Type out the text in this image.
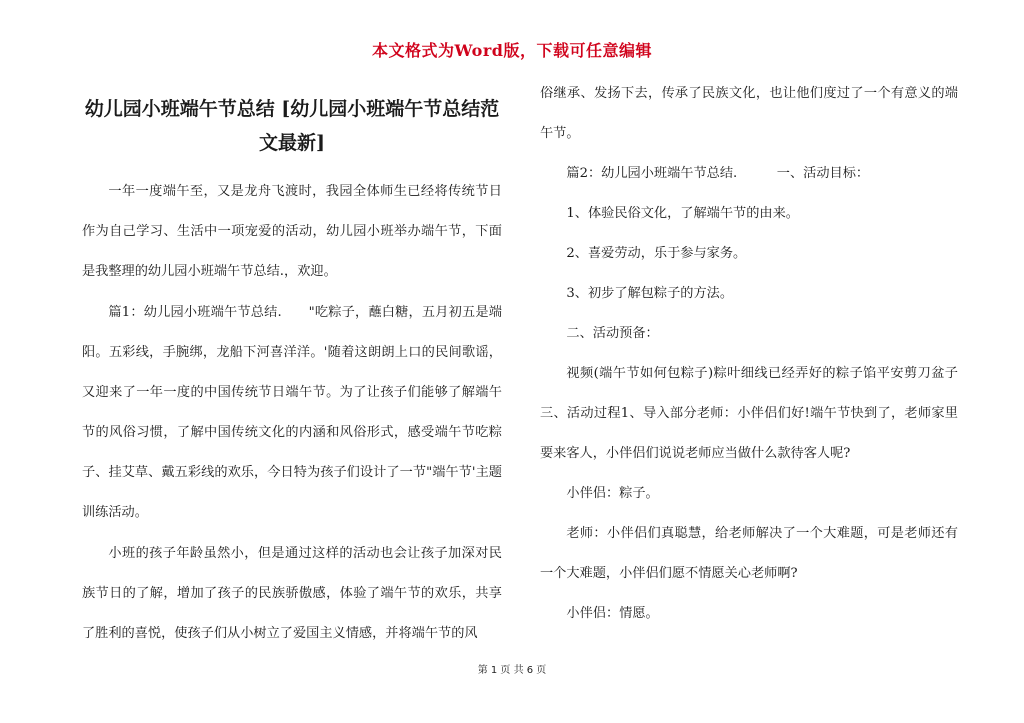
本文格式为Word版，下载可任意编辑
幼儿园小班端午节总结 [幼儿园小班端午节总结范文最新]
一年一度端午至，又是龙舟飞渡时，我园全体师生已经将传统节日作为自己学习、生活中一项宠爱的活动，幼儿园小班举办端午节，下面是我整理的幼儿园小班端午节总结.，欢迎。
篇1：幼儿园小班端午节总结.　　"吃粽子，蘸白糖，五月初五是端阳。五彩线，手腕绑，龙船下河喜洋洋。'随着这朗朗上口的民间歌谣，又迎来了一年一度的中国传统节日端午节。为了让孩子们能够了解端午节的风俗习惯，了解中国传统文化的内涵和风俗形式，感受端午节吃粽子、挂艾草、戴五彩线的欢乐，今日特为孩子们设计了一节"端午节'主题训练活动。
小班的孩子年龄虽然小，但是通过这样的活动也会让孩子加深对民族节日的了解，增加了孩子的民族骄傲感，体验了端午节的欢乐，共享了胜利的喜悦，使孩子们从小树立了爱国主义情感，并将端午节的风
俗继承、发扬下去，传承了民族文化，也让他们度过了一个有意义的端午节。
篇2：幼儿园小班端午节总结.　　　一、活动目标：
1、体验民俗文化，了解端午节的由来。
2、喜爱劳动，乐于参与家务。
3、初步了解包粽子的方法。
二、活动预备：
视频(端午节如何包粽子)粽叶细线已经弄好的粽子馅平安剪刀盆子三、活动过程1、导入部分老师：小伴侣们好!端午节快到了，老师家里要来客人，小伴侣们说说老师应当做什么款待客人呢?
小伴侣：粽子。
老师：小伴侣们真聪慧，给老师解决了一个大难题，可是老师还有一个大难题，小伴侣们愿不情愿关心老师啊?
小伴侣：情愿。
第 1 页 共 6 页
